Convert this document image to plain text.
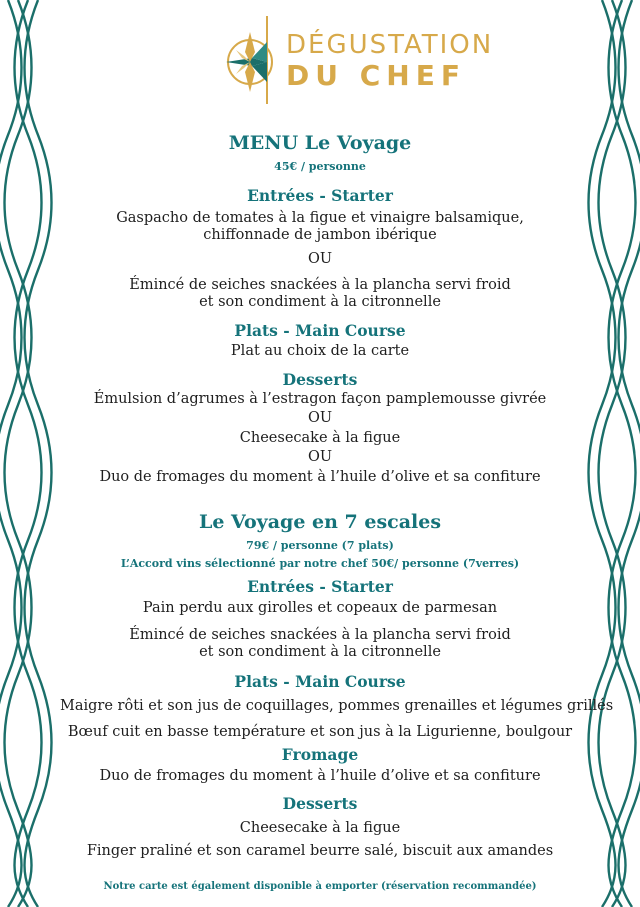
DÉGUSTATION
DU CHEF
MENU Le Voyage
45€ / personne
Entrées - Starter
Gaspacho de tomates à la figue et vinaigre balsamique,
chiffonnade de jambon ibérique
OU
Émincé de seiches snackées à la plancha servi froid
et son condiment à la citronnelle
Plats - Main Course
Plat au choix de la carte
Desserts
Émulsion d’agrumes à l’estragon façon pamplemousse givrée
OU
Cheesecake à la figue
OU
Duo de fromages du moment à l’huile d’olive et sa confiture
Le Voyage en 7 escales
79€ / personne (7 plats)
L’Accord vins sélectionné par notre chef 50€/ personne (7verres)
Entrées - Starter
Pain perdu aux girolles et copeaux de parmesan
Émincé de seiches snackées à la plancha servi froid
et son condiment à la citronnelle
Plats - Main Course
Maigre rôti et son jus de coquillages, pommes grenailles et légumes grillés
Bœuf cuit en basse température et son jus à la Ligurienne, boulgour
Fromage
Duo de fromages du moment à l’huile d’olive et sa confiture
Desserts
Cheesecake à la figue
Finger praliné et son caramel beurre salé, biscuit aux amandes
Notre carte est également disponible à emporter (réservation recommandée)
